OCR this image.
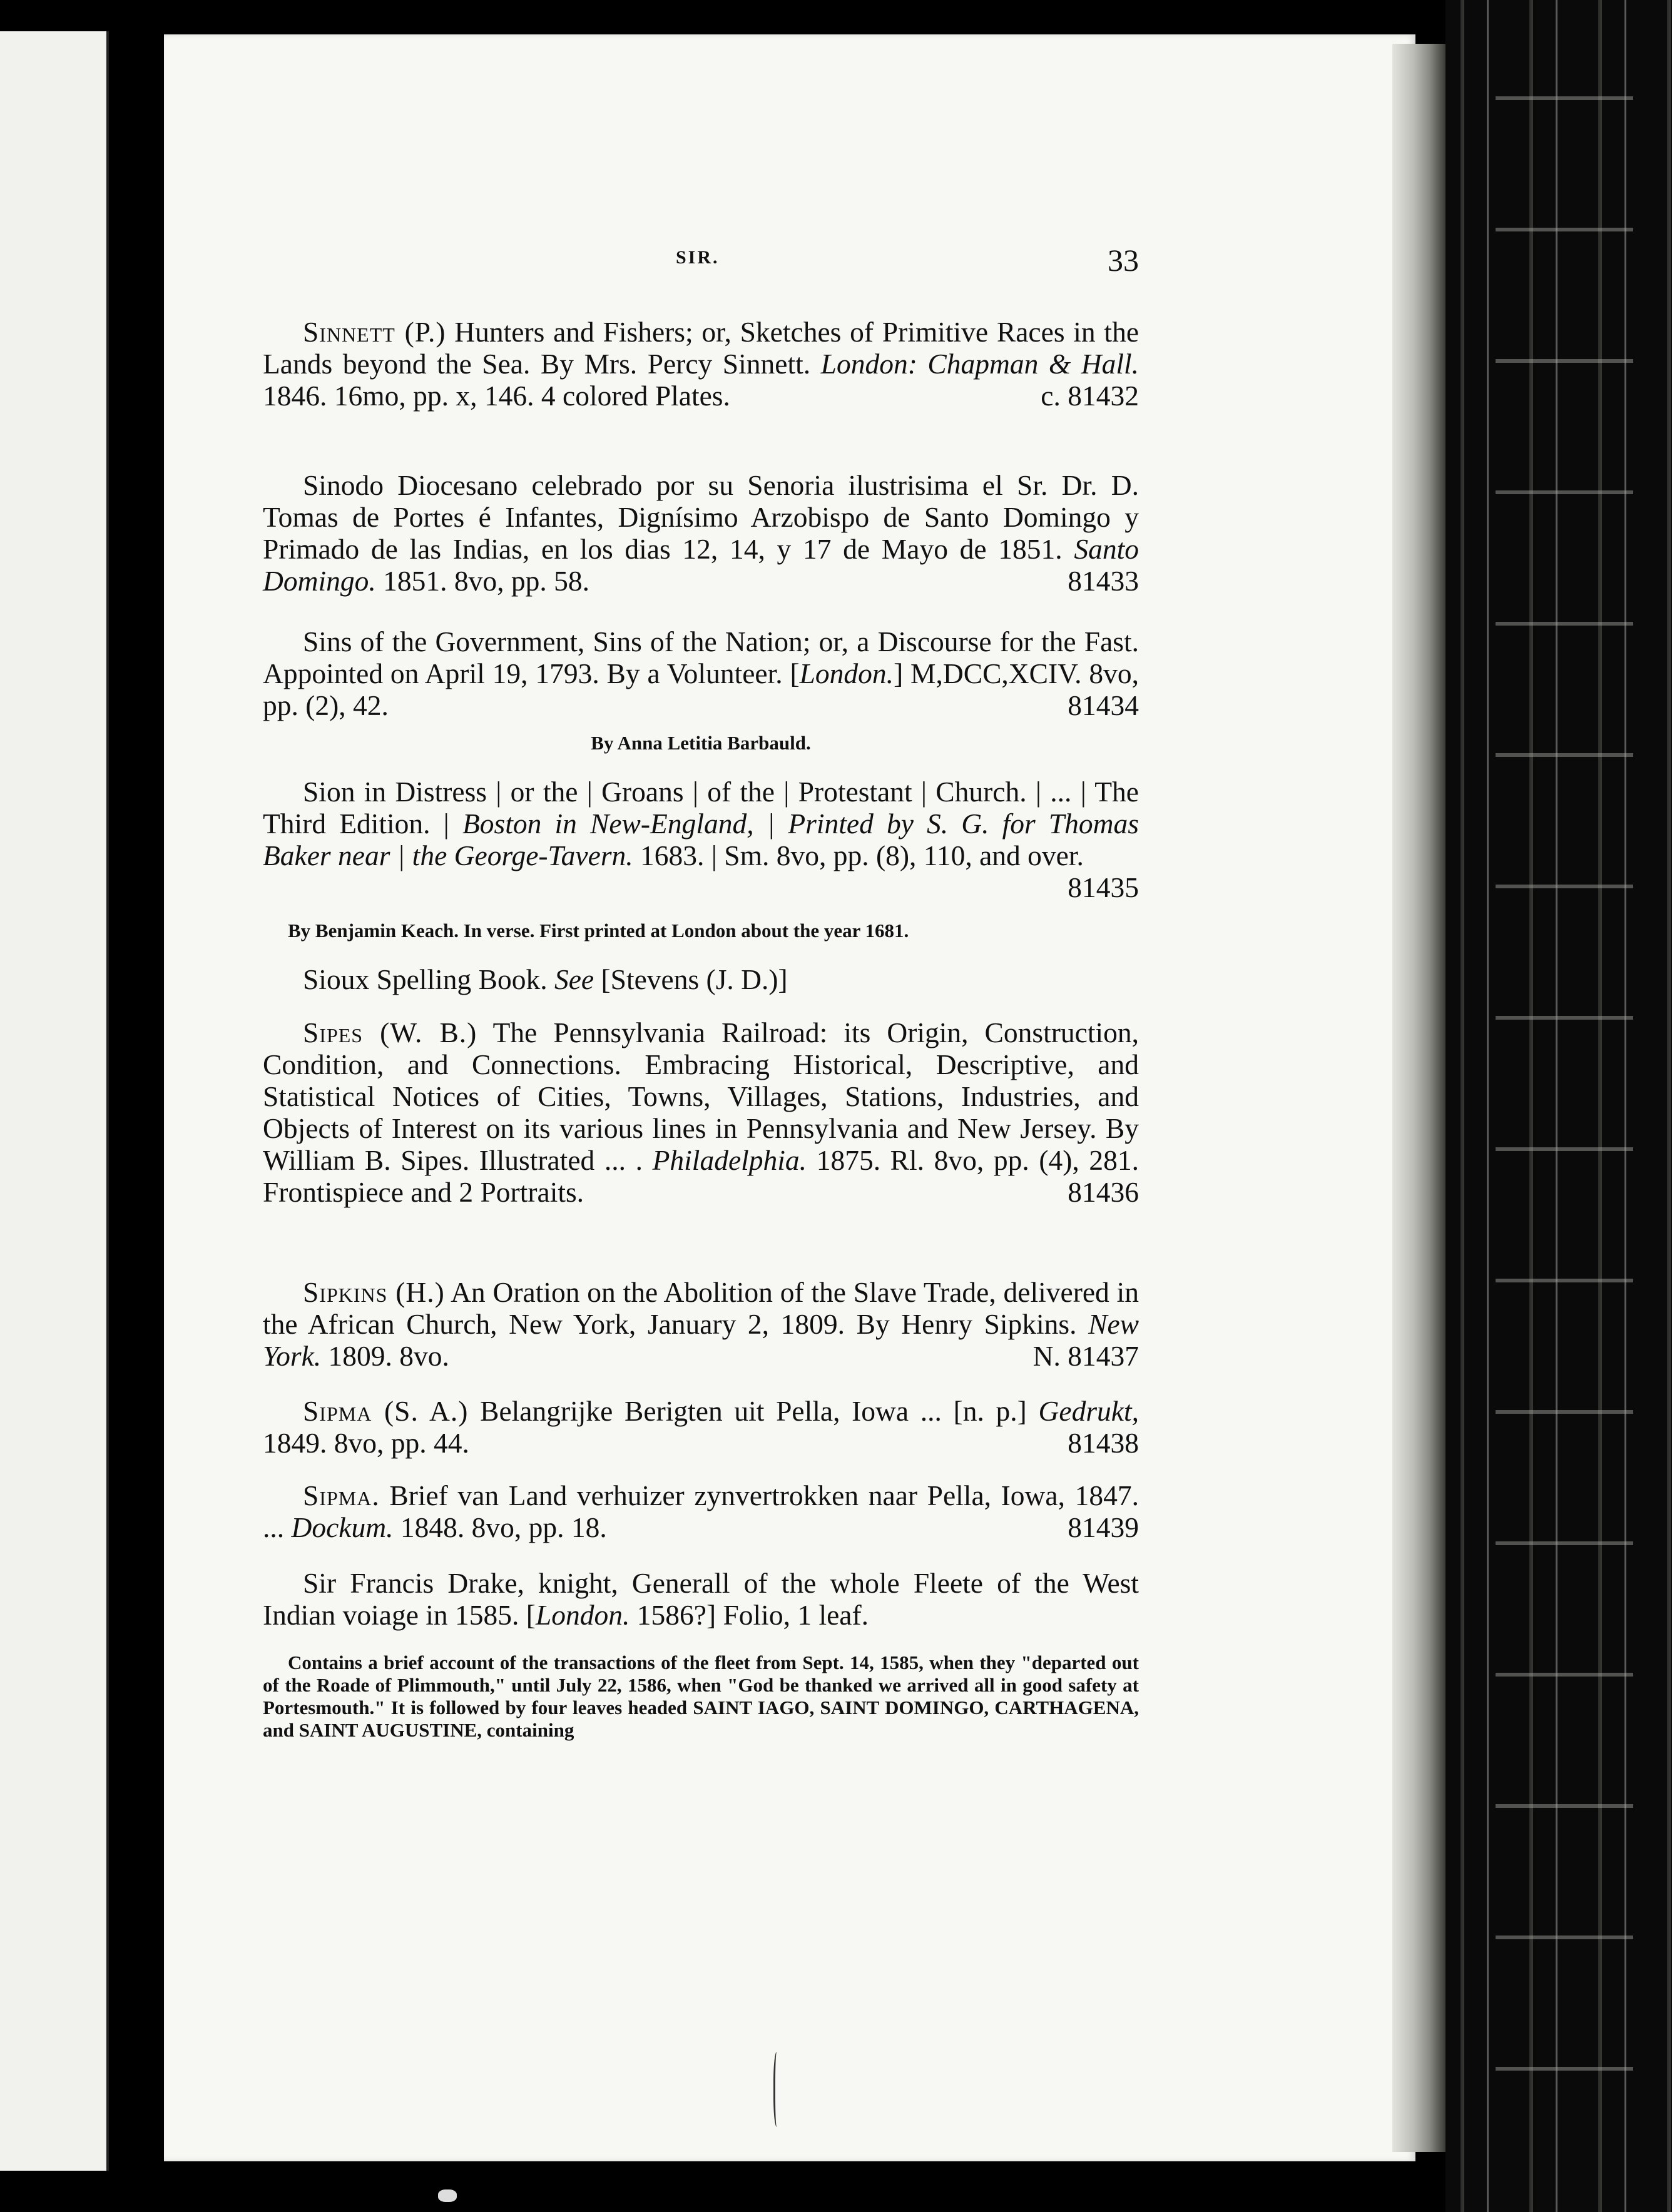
SIR.	33
Sinnett (P.) Hunters and Fishers; or, Sketches of Primitive Races in the Lands beyond the Sea. By Mrs. Percy Sinnett. London: Chapman & Hall. 1846. 16mo, pp. x, 146. 4 colored Plates.	c. 81432
Sinodo Diocesano celebrado por su Senoria ilustrisima el Sr. Dr. D. Tomas de Portes é Infantes, Dignísimo Arzobispo de Santo Domingo y Primado de las Indias, en los dias 12, 14, y 17 de Mayo de 1851. Santo Domingo. 1851. 8vo, pp. 58.	81433
Sins of the Government, Sins of the Nation; or, a Discourse for the Fast. Appointed on April 19, 1793. By a Volunteer. [London.] M,DCC,XCIV. 8vo, pp. (2), 42.	81434
By Anna Letitia Barbauld.
Sion in Distress | or the | Groans | of the | Protestant | Church. | ... | The Third Edition. | Boston in New-England, | Printed by S. G. for Thomas Baker near | the George-Tavern. 1683. | Sm. 8vo, pp. (8), 110, and over.
81435
By Benjamin Keach. In verse. First printed at London about the year 1681.
Sioux Spelling Book. See [Stevens (J. D.)]
Sipes (W. B.) The Pennsylvania Railroad: its Origin, Construction, Condition, and Connections. Embracing Historical, Descriptive, and Statistical Notices of Cities, Towns, Villages, Stations, Industries, and Objects of Interest on its various lines in Pennsylvania and New Jersey. By William B. Sipes. Illustrated ... . Philadelphia. 1875. Rl. 8vo, pp. (4), 281. Frontispiece and 2 Portraits.	81436
Sipkins (H.) An Oration on the Abolition of the Slave Trade, delivered in the African Church, New York, January 2, 1809. By Henry Sipkins. New York. 1809. 8vo.	N. 81437
Sipma (S. A.) Belangrijke Berigten uit Pella, Iowa ... [n. p.] Gedrukt, 1849. 8vo, pp. 44.	81438
Sipma. Brief van Land verhuizer zynvertrokken naar Pella, Iowa, 1847. ... Dockum. 1848. 8vo, pp. 18.	81439
Sir Francis Drake, knight, Generall of the whole Fleete of the West Indian voiage in 1585. [London. 1586?] Folio, 1 leaf.
Contains a brief account of the transactions of the fleet from Sept. 14, 1585, when they "departed out of the Roade of Plimmouth," until July 22, 1586, when "God be thanked we arrived all in good safety at Portesmouth." It is followed by four leaves headed SAINT IAGO, SAINT DOMINGO, CARTHAGENA, and SAINT AUGUSTINE, containing
